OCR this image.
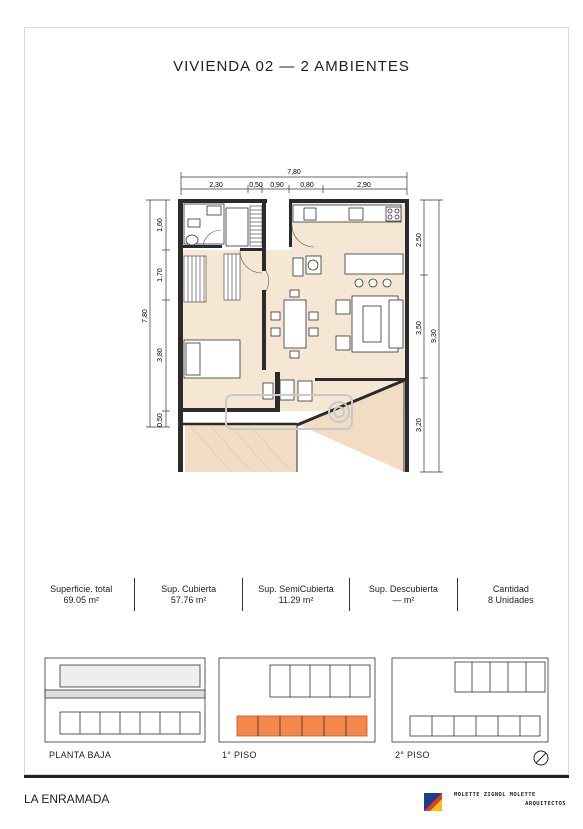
VIVIENDA 02 — 2 AMBIENTES
7,80
2,30	0,50 0,90 0,80	2,90
7,80
1,60
1,70
3,80
0,50
2,50
3,50
3,20
9,30
Superficie. total
69.05 m²
Sup. Cubierta
57.76 m²
Sup. SemiCubierta
11.29 m²
Sup. Descubierta
— m²
Cantidad
8 Unidades
PLANTA BAJA	1° PISO	2° PISO
LA ENRAMADA	MOLETTE ZIGNOL MOLETTE
ARQUITECTOS
